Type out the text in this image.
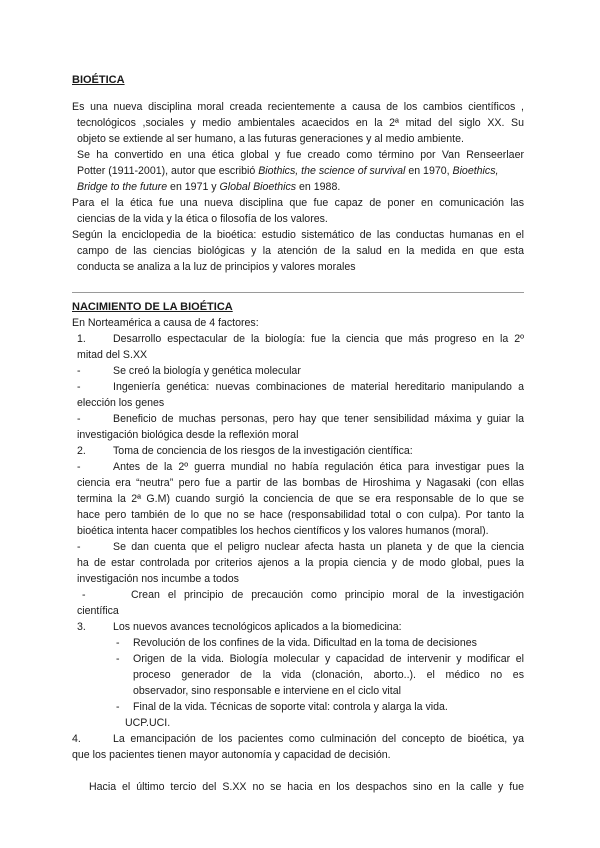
BIOÉTICA
Es una nueva disciplina moral creada recientemente a causa de los cambios científicos ,
tecnológicos ,sociales y medio ambientales acaecidos en la 2ª mitad del siglo XX. Su
objeto se extiende al ser humano, a las futuras generaciones y al medio ambiente.
Se ha convertido en una ética global y fue creado como término por Van Renseerlaer
Potter (1911-2001), autor que escribió Biothics, the science of survival en 1970, Bioethics,
Bridge to the future en 1971 y Global Bioethics en 1988.
Para el la ética fue una nueva disciplina que fue capaz de poner en comunicación las
ciencias de la vida y la ética o filosofía de los valores.
Según la enciclopedia de la bioética: estudio sistemático de las conductas humanas en el
campo de las ciencias biológicas y la atención de la salud en la medida en que esta
conducta se analiza a la luz de principios y valores morales
NACIMIENTO DE LA BIOÉTICA
En Norteamérica a causa de 4 factores:
1.	Desarrollo espectacular de la biología: fue la ciencia que más progreso en la 2º
mitad del S.XX
-	Se creó la biología y genética molecular
-	Ingeniería genética: nuevas combinaciones de material hereditario manipulando a
elección los genes
-	Beneficio de muchas personas, pero hay que tener sensibilidad máxima y guiar la
investigación biológica desde la reflexión moral
2.	Toma de conciencia de los riesgos de la investigación científica:
-	Antes de la 2º guerra mundial no había regulación ética para investigar pues la
ciencia era “neutra” pero fue a partir de las bombas de Hiroshima y Nagasaki (con ellas
termina la 2ª G.M) cuando surgió la conciencia de que se era responsable de lo que se
hace pero también de lo que no se hace (responsabilidad total o con culpa). Por tanto la
bioética intenta hacer compatibles los hechos científicos y los valores humanos (moral).
-	Se dan cuenta que el peligro nuclear afecta hasta un planeta y de que la ciencia
ha de estar controlada por criterios ajenos a la propia ciencia y de modo global, pues la
investigación nos incumbe a todos
-	Crean el principio de precaución como principio moral de la investigación
científica
3.	Los nuevos avances tecnológicos aplicados a la biomedicina:
- Revolución de los confines de la vida. Dificultad en la toma de decisiones
- Origen de la vida. Biología molecular y capacidad de intervenir y modificar el
proceso generador de la vida (clonación, aborto..). el médico no es
observador, sino responsable e interviene en el ciclo vital
- Final de la vida. Técnicas de soporte vital: controla y alarga la vida.
UCP.UCI.
4.	La emancipación de los pacientes como culminación del concepto de bioética, ya
que los pacientes tienen mayor autonomía y capacidad de decisión.
Hacia el último tercio del S.XX no se hacia en los despachos sino en la calle y fue
